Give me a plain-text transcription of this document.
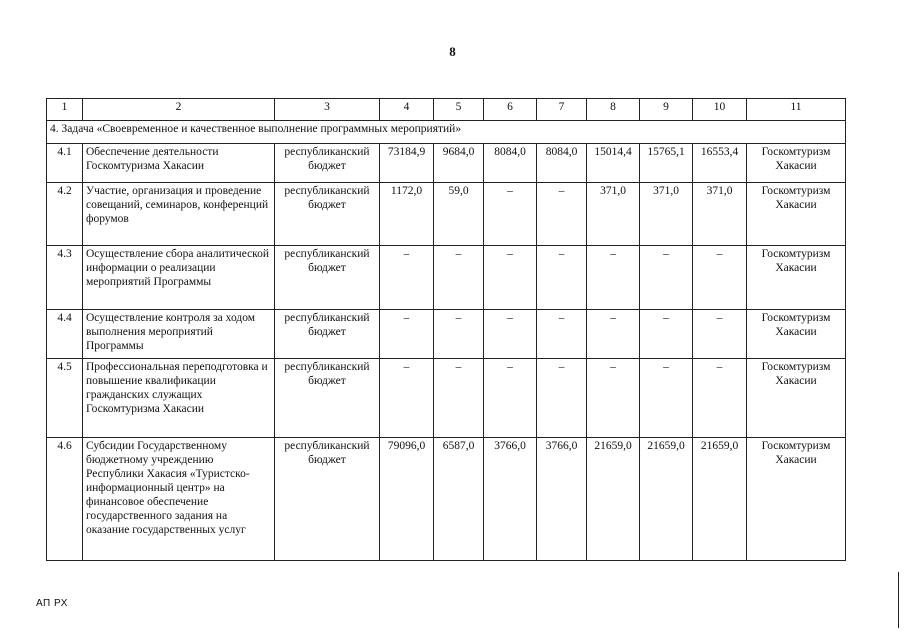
8
1	2	3	4	5	6	7	8	9	10	11
4. Задача «Своевременное и качественное выполнение программных мероприятий»										
4.1	Обеспечение деятельности Госкомтуризма Хакасии	республиканский бюджет	73184,9	9684,0	8084,0	8084,0	15014,4	15765,1	16553,4	Госкомтуризм Хакасии
4.2	Участие, организация и проведение совещаний, семинаров, конференций форумов	республиканский бюджет	1172,0	59,0	–	–	371,0	371,0	371,0	Госкомтуризм Хакасии
4.3	Осуществление сбора аналитической информации о реализации мероприятий Программы	республиканский бюджет	–	–	–	–	–	–	–	Госкомтуризм Хакасии
4.4	Осуществление контроля за ходом выполнения мероприятий Программы	республиканский бюджет	–	–	–	–	–	–	–	Госкомтуризм Хакасии
4.5	Профессиональная переподготовка и повышение квалификации гражданских служащих Госкомтуризма Хакасии	республиканский бюджет	–	–	–	–	–	–	–	Госкомтуризм Хакасии
4.6	Субсидии Государственному бюджетному учреждению Республики Хакасия «Туристско-информационный центр» на финансовое обеспечение государственного задания на оказание государственных услуг	республиканский бюджет	79096,0	6587,0	3766,0	3766,0	21659,0	21659,0	21659,0	Госкомтуризм Хакасии
АП РХ
